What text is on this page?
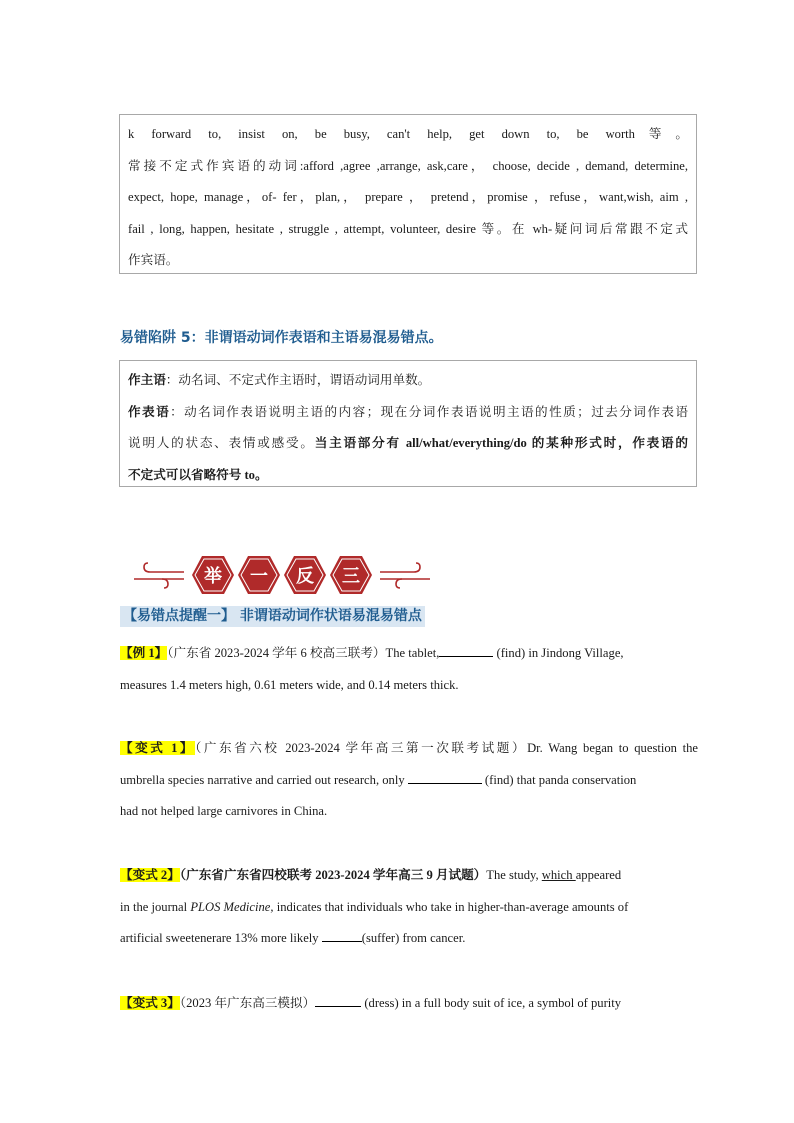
k forward to, insist on, be busy, can't help, get down to, be worth等。

常接不定式作宾语的动词:afford ,agree ,arrange, ask,care， choose, decide , demand, determine,

expect, hope, manage，of- fer，plan,， prepare ， pretend，promise ，refuse，want,wish, aim ,

fail , long, happen, hesitate , struggle , attempt, volunteer, desire 等。在 wh-疑问词后常跟不定式

作宾语。

易错陷阱 5：非谓语动词作表语和主语易混易错点。

作主语：动名词、不定式作主语时，谓语动词用单数。

作表语：动名词作表语说明主语的内容；现在分词作表语说明主语的性质；过去分词作表语

说明人的状态、表情或感受。当主语部分有 all/what/everything/do 的某种形式时，作表语的

不定式可以省略符号 to。

举 一 反 三
【易错点提醒一】 非谓语动词作状语易混易错点

【例 1】（广东省 2023-2024 学年 6 校高三联考）The tablet,	(find) in Jindong Village,

measures 1.4 meters high, 0.61 meters wide, and 0.14 meters thick.

【变式 1】（广东省六校 2023-2024 学年高三第一次联考试题）Dr. Wang began to question the

umbrella species narrative and carried out research, only	(find) that panda conservation

had not helped large carnivores in China.

【变式 2】（广东省广东省四校联考 2023-2024 学年高三 9 月试题）The study, which appeared

in the journal PLOS Medicine, indicates that individuals who take in higher-than-average amounts of

artificial sweetenerare 13% more likely	(suffer) from cancer.

【变式 3】（2023 年广东高三模拟）	(dress) in a full body suit of ice, a symbol of purity
